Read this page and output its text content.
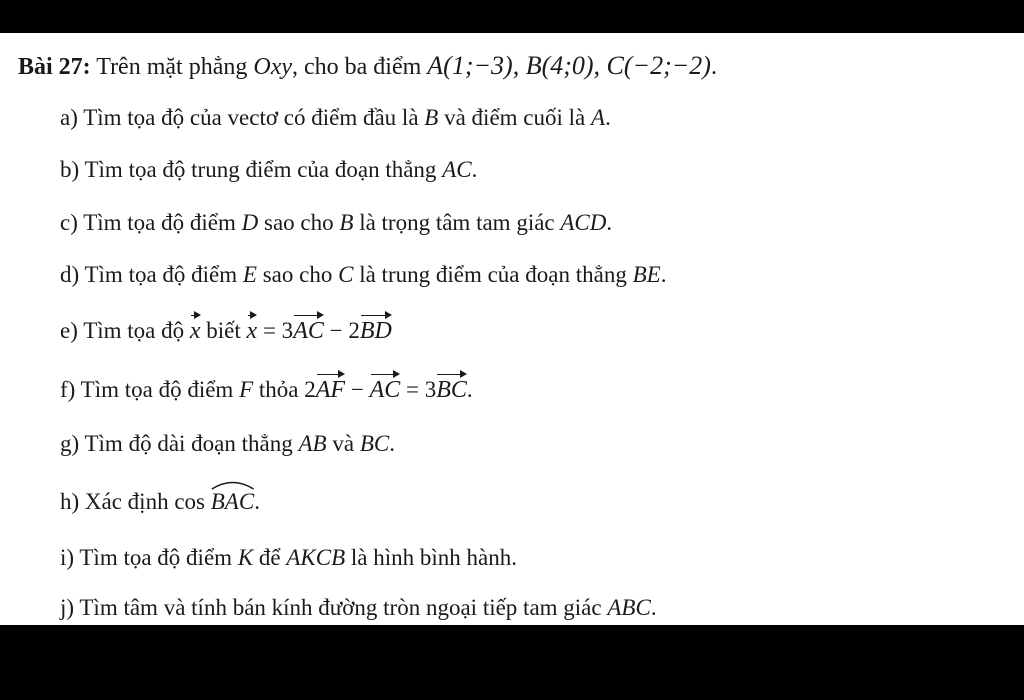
Bài 27: Trên mặt phẳng Oxy, cho ba điểm A(1;−3), B(4;0), C(−2;−2).
a) Tìm tọa độ của vectơ có điểm đầu là B và điểm cuối là A.
b) Tìm tọa độ trung điểm của đoạn thẳng AC.
c) Tìm tọa độ điểm D sao cho B là trọng tâm tam giác ACD.
d) Tìm tọa độ điểm E sao cho C là trung điểm của đoạn thẳng BE.
e) Tìm tọa độ x biết x = 3AC − 2BD
f) Tìm tọa độ điểm F thỏa 2AF − AC = 3BC.
g) Tìm độ dài đoạn thẳng AB và BC.
h) Xác định cos BAC.
i) Tìm tọa độ điểm K để AKCB là hình bình hành.
j) Tìm tâm và tính bán kính đường tròn ngoại tiếp tam giác ABC.
